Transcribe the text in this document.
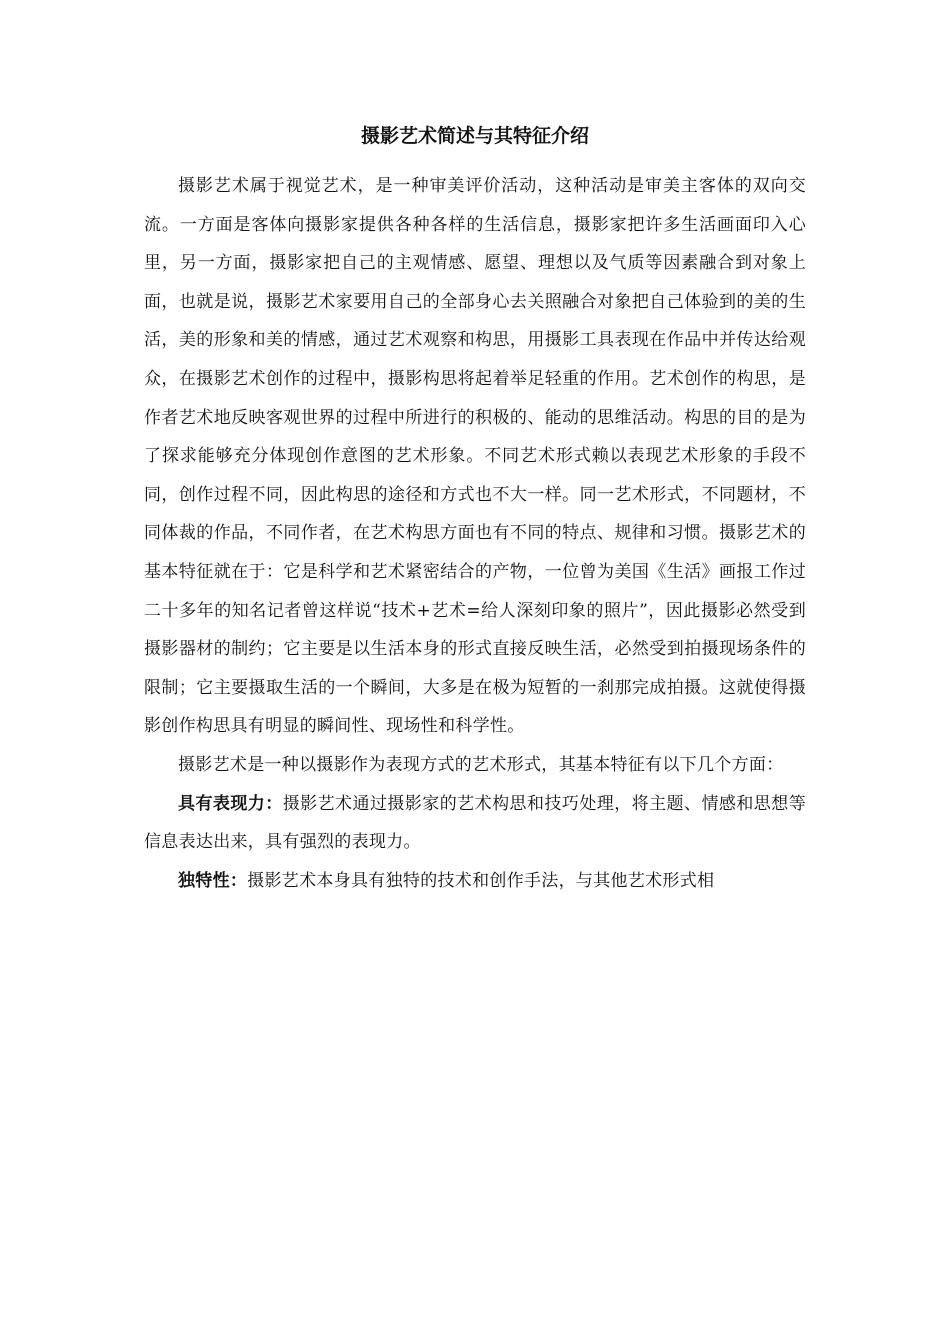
摄影艺术简述与其特征介绍

摄影艺术属于视觉艺术，是一种审美评价活动，这种活动是审美主客体的双向交流。一方面是客体向摄影家提供各种各样的生活信息，摄影家把许多生活画面印入心里，另一方面，摄影家把自己的主观情感、愿望、理想以及气质等因素融合到对象上面，也就是说，摄影艺术家要用自己的全部身心去关照融合对象把自己体验到的美的生活，美的形象和美的情感，通过艺术观察和构思，用摄影工具表现在作品中并传达给观众，在摄影艺术创作的过程中，摄影构思将起着举足轻重的作用。艺术创作的构思，是作者艺术地反映客观世界的过程中所进行的积极的、能动的思维活动。构思的目的是为了探求能够充分体现创作意图的艺术形象。不同艺术形式赖以表现艺术形象的手段不同，创作过程不同，因此构思的途径和方式也不大一样。同一艺术形式，不同题材，不同体裁的作品，不同作者，在艺术构思方面也有不同的特点、规律和习惯。摄影艺术的基本特征就在于：它是科学和艺术紧密结合的产物，一位曾为美国《生活》画报工作过二十多年的知名记者曾这样说“技术+艺术=给人深刻印象的照片”，因此摄影必然受到摄影器材的制约；它主要是以生活本身的形式直接反映生活，必然受到拍摄现场条件的限制；它主要摄取生活的一个瞬间，大多是在极为短暂的一刹那完成拍摄。这就使得摄影创作构思具有明显的瞬间性、现场性和科学性。

摄影艺术是一种以摄影作为表现方式的艺术形式，其基本特征有以下几个方面：

具有表现力：摄影艺术通过摄影家的艺术构思和技巧处理，将主题、情感和思想等信息表达出来，具有强烈的表现力。

独特性：摄影艺术本身具有独特的技术和创作手法，与其他艺术形式相
